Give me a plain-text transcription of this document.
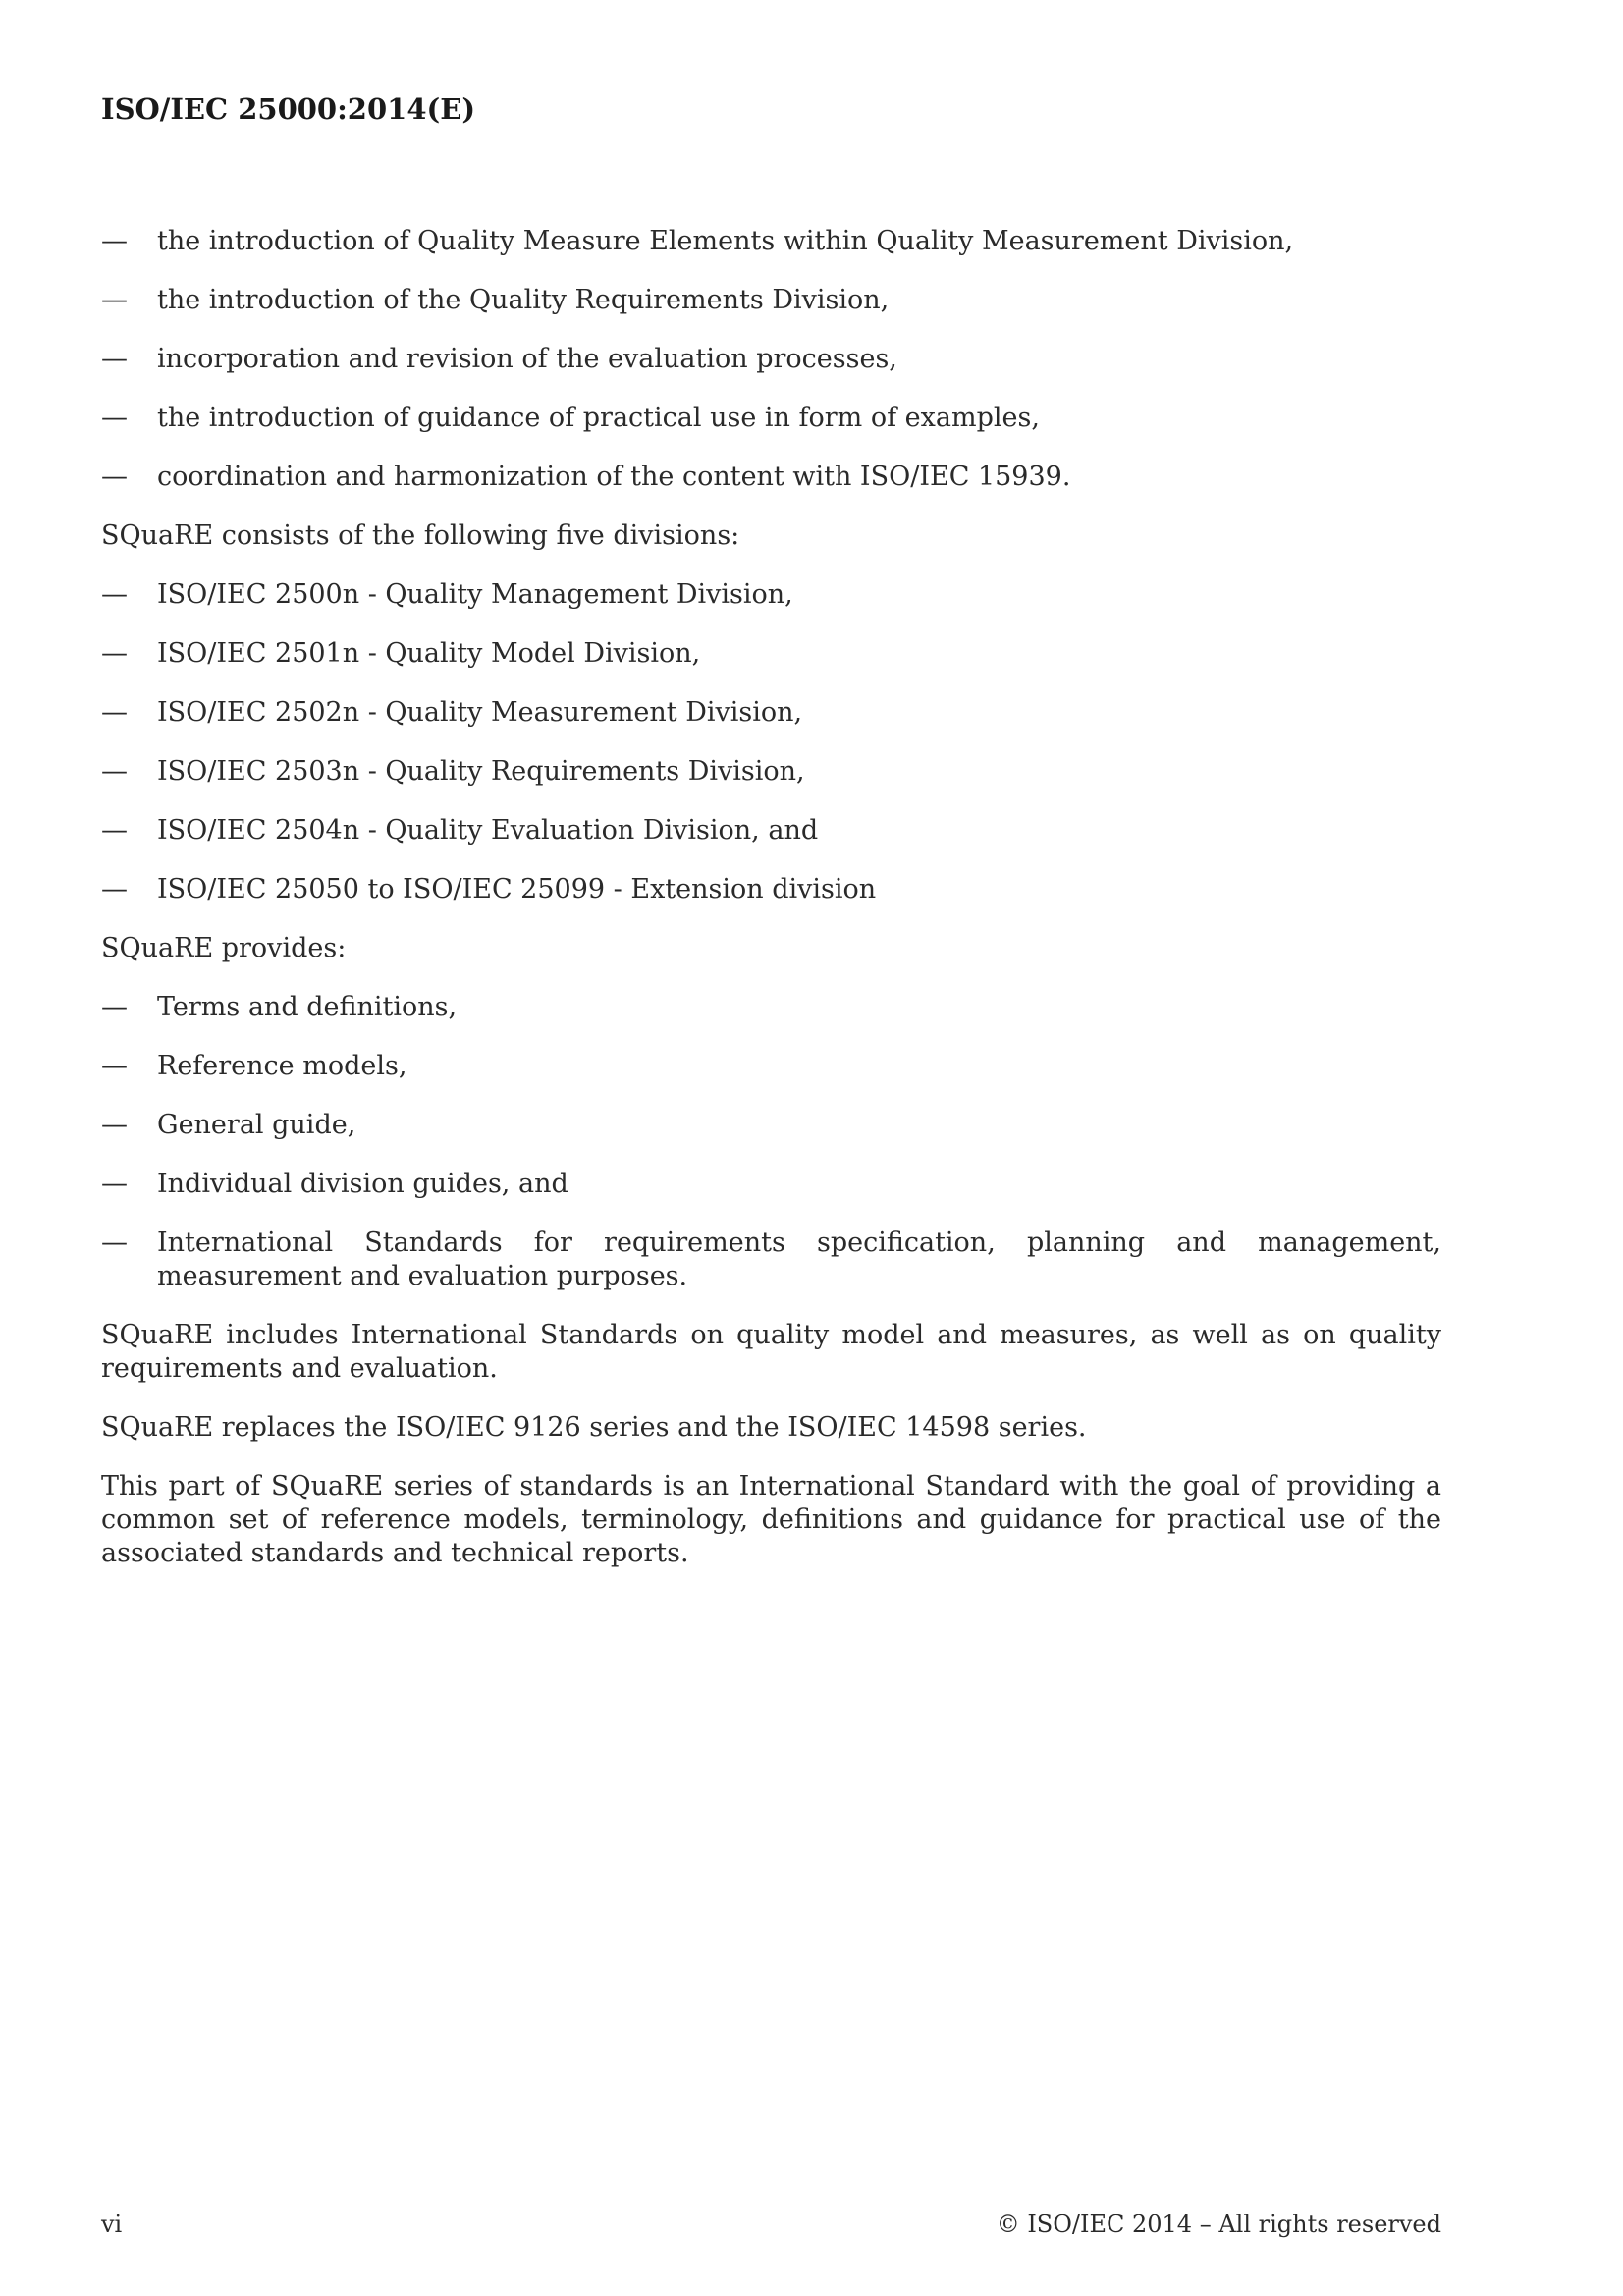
ISO/IEC 25000:2014(E)
— the introduction of Quality Measure Elements within Quality Measurement Division,
— the introduction of the Quality Requirements Division,
— incorporation and revision of the evaluation processes,
— the introduction of guidance of practical use in form of examples,
— coordination and harmonization of the content with ISO/IEC 15939.

SQuaRE consists of the following five divisions:

— ISO/IEC 2500n - Quality Management Division,
— ISO/IEC 2501n - Quality Model Division,
— ISO/IEC 2502n - Quality Measurement Division,
— ISO/IEC 2503n - Quality Requirements Division,
— ISO/IEC 2504n - Quality Evaluation Division, and
— ISO/IEC 25050 to ISO/IEC 25099 - Extension division

SQuaRE provides:

— Terms and definitions,
— Reference models,
— General guide,
— Individual division guides, and
— International Standards for requirements specification, planning and management, measurement and evaluation purposes.

SQuaRE includes International Standards on quality model and measures, as well as on quality requirements and evaluation.

SQuaRE replaces the ISO/IEC 9126 series and the ISO/IEC 14598 series.

This part of SQuaRE series of standards is an International Standard with the goal of providing a common set of reference models, terminology, definitions and guidance for practical use of the associated standards and technical reports.

vi	© ISO/IEC 2014 – All rights reserved
